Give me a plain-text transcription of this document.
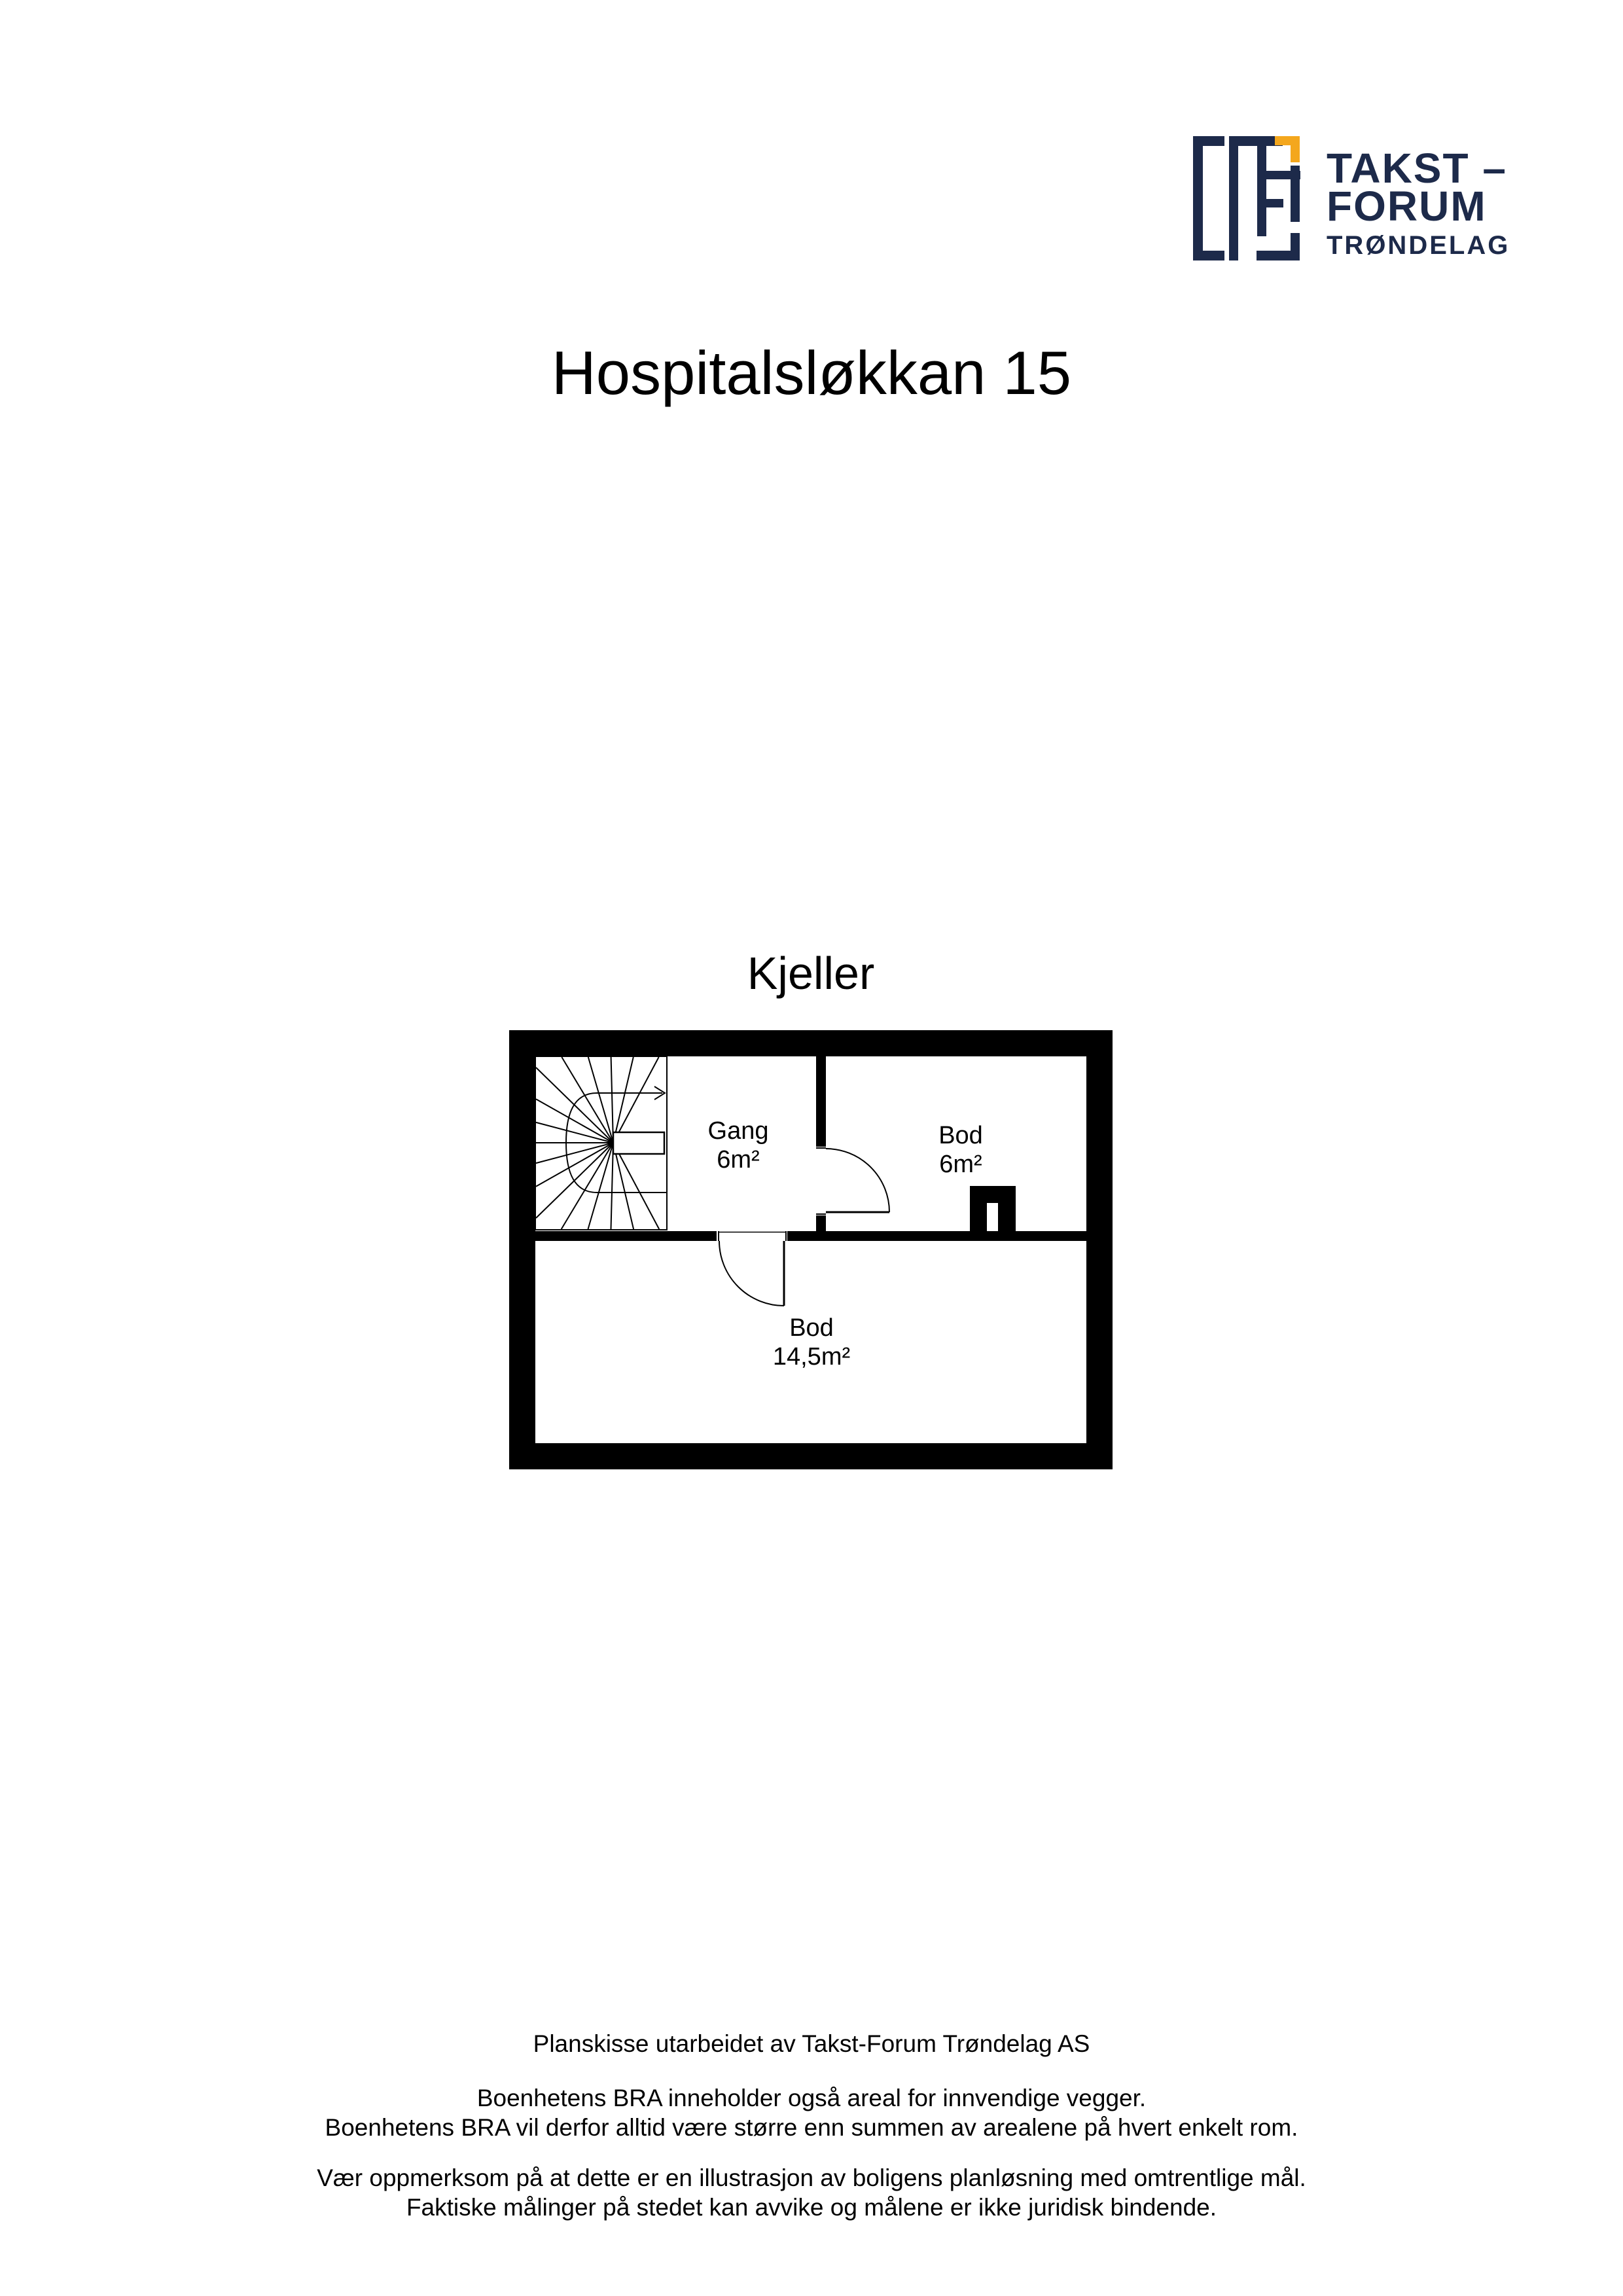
TAKST –
FORUM
TRØNDELAG
Hospitalsløkkan 15
Kjeller
Gang
6m²
Bod
6m²
Bod
14,5m²

Planskisse utarbeidet av Takst-Forum Trøndelag AS

Boenhetens BRA inneholder også areal for innvendige vegger.
Boenhetens BRA vil derfor alltid være større enn summen av arealene på hvert enkelt rom.

Vær oppmerksom på at dette er en illustrasjon av boligens planløsning med omtrentlige mål.
Faktiske målinger på stedet kan avvike og målene er ikke juridisk bindende.
